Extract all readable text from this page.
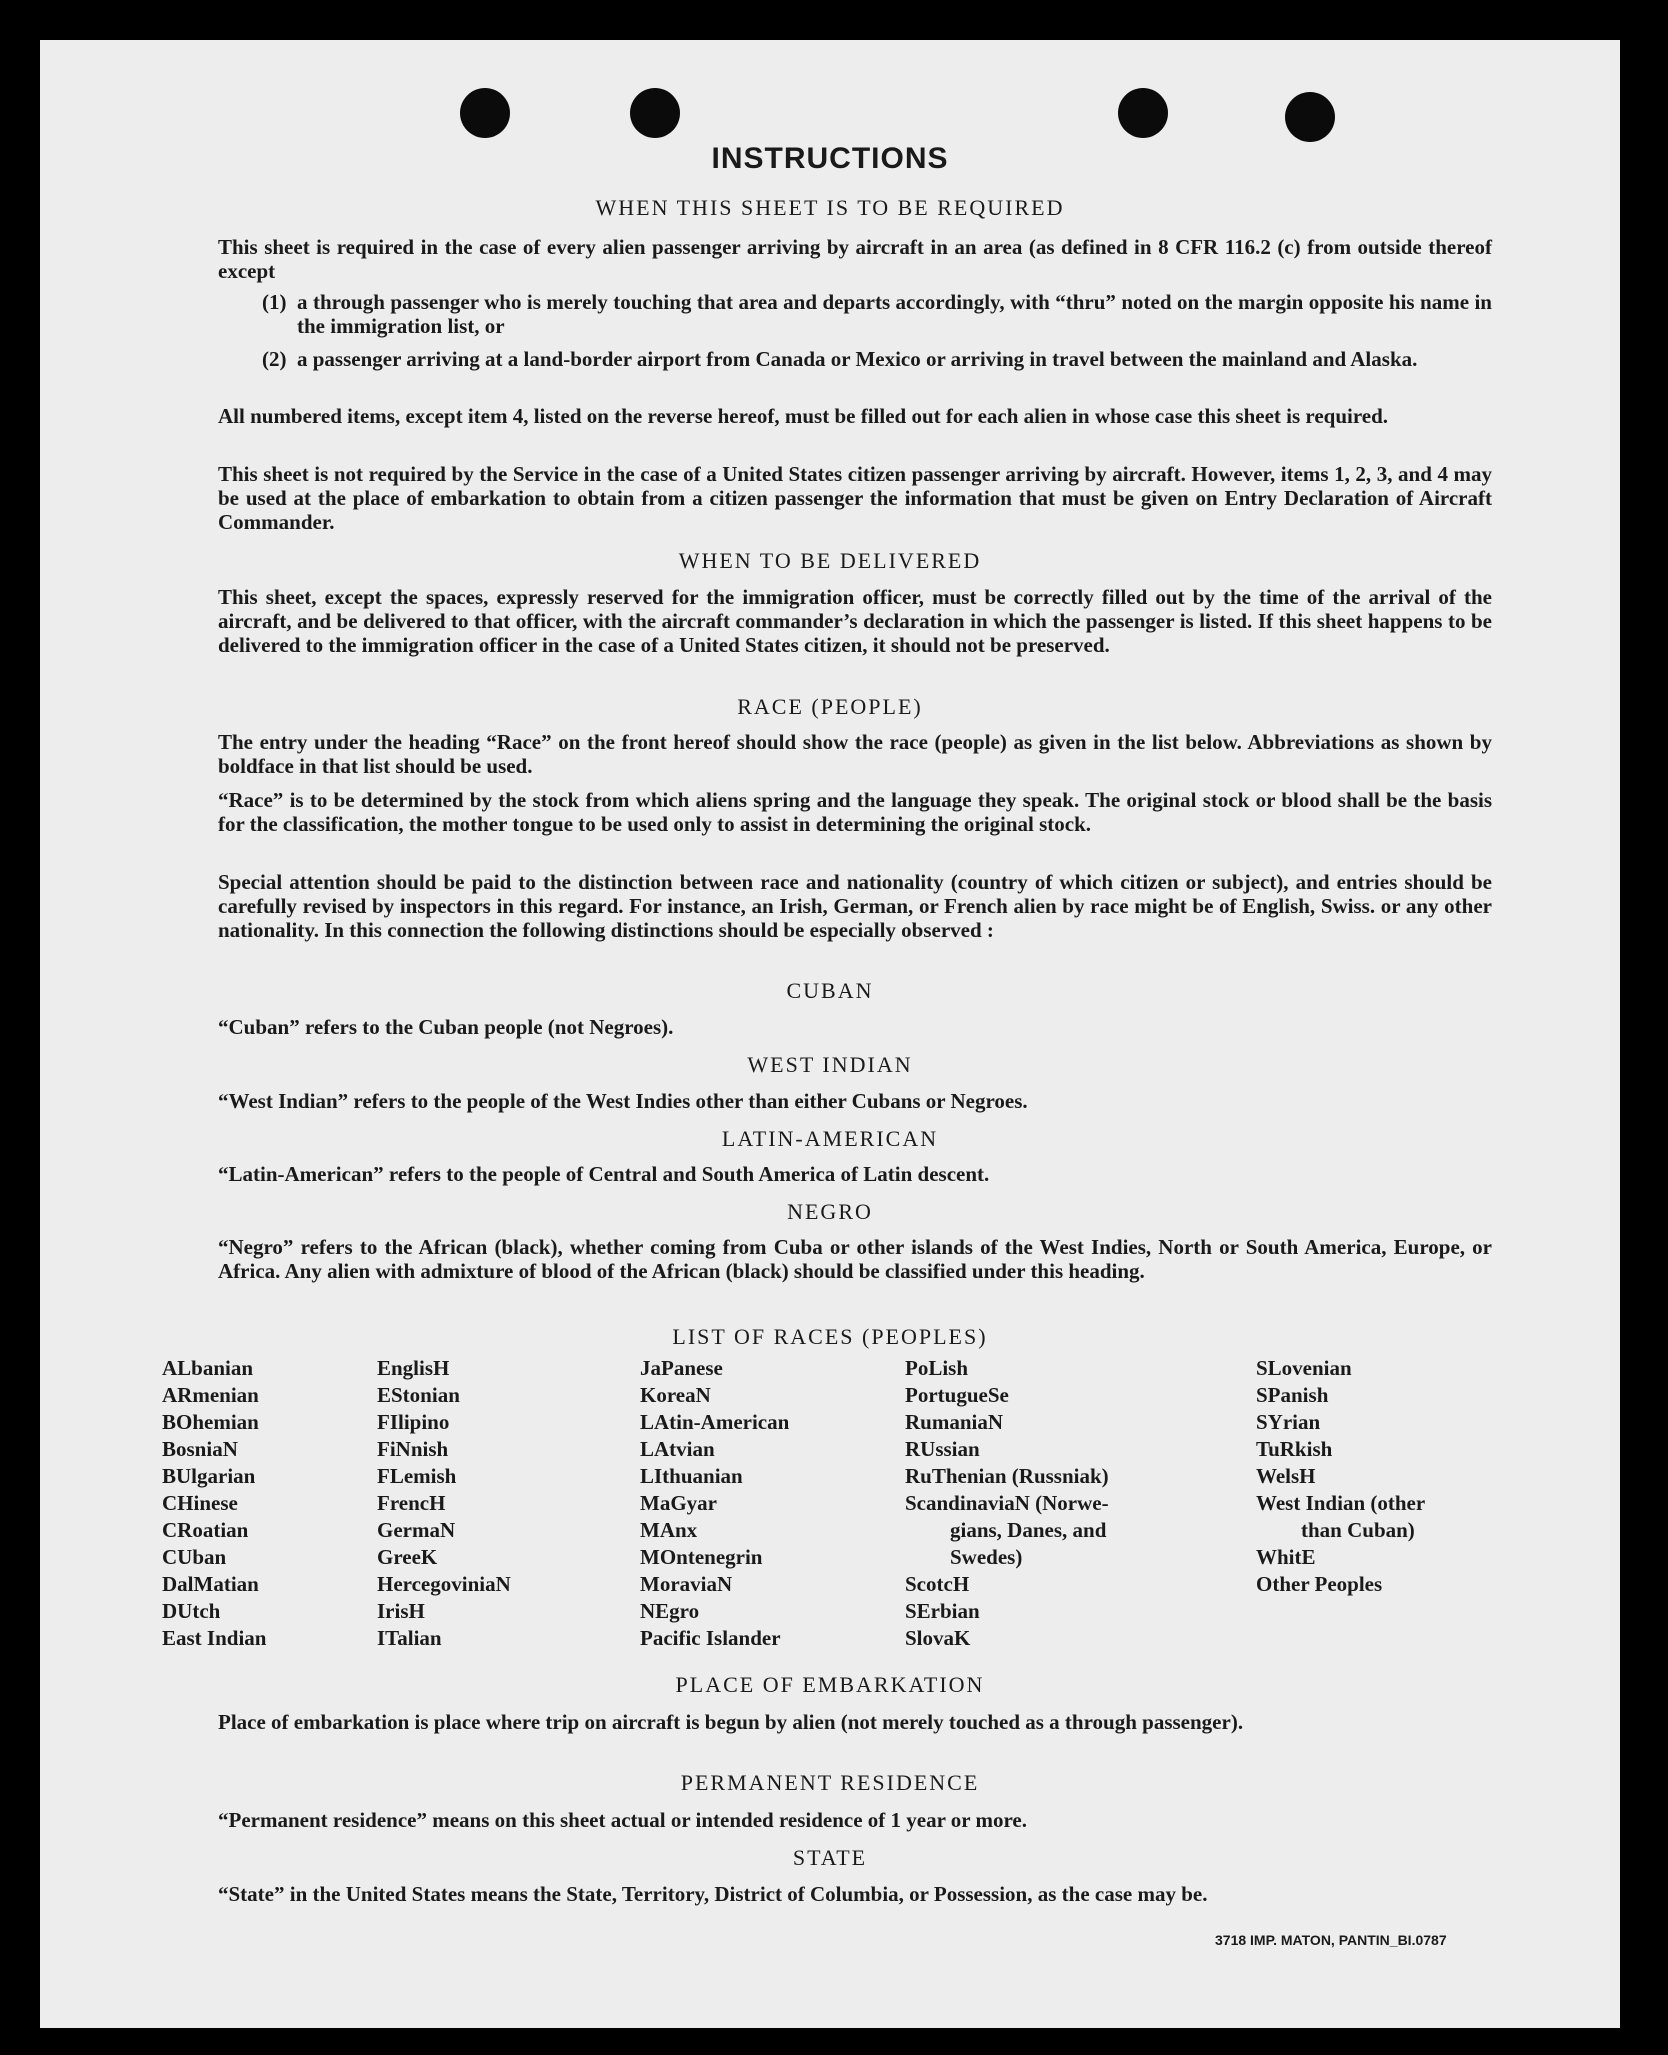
INSTRUCTIONS
WHEN THIS SHEET IS TO BE REQUIRED
This sheet is required in the case of every alien passenger arriving by aircraft in an area (as defined in 8 CFR 116.2 (c) from outside thereof except
(1) a through passenger who is merely touching that area and departs accordingly, with “thru” noted on the margin opposite his name in the immigration list, or
(2) a passenger arriving at a land-border airport from Canada or Mexico or arriving in travel between the mainland and Alaska.
All numbered items, except item 4, listed on the reverse hereof, must be filled out for each alien in whose case this sheet is required.
This sheet is not required by the Service in the case of a United States citizen passenger arriving by aircraft. However, items 1, 2, 3, and 4 may be used at the place of embarkation to obtain from a citizen passenger the information that must be given on Entry Declaration of Aircraft Commander.
WHEN TO BE DELIVERED
This sheet, except the spaces, expressly reserved for the immigration officer, must be correctly filled out by the time of the arrival of the aircraft, and be delivered to that officer, with the aircraft commander’s declaration in which the passenger is listed. If this sheet happens to be delivered to the immigration officer in the case of a United States citizen, it should not be preserved.
RACE (PEOPLE)
The entry under the heading “Race” on the front hereof should show the race (people) as given in the list below. Abbreviations as shown by boldface in that list should be used.
“Race” is to be determined by the stock from which aliens spring and the language they speak. The original stock or blood shall be the basis for the classification, the mother tongue to be used only to assist in determining the original stock.
Special attention should be paid to the distinction between race and nationality (country of which citizen or subject), and entries should be carefully revised by inspectors in this regard. For instance, an Irish, German, or French alien by race might be of English, Swiss. or any other nationality. In this connection the following distinctions should be especially observed :
CUBAN
“Cuban” refers to the Cuban people (not Negroes).
WEST INDIAN
“West Indian” refers to the people of the West Indies other than either Cubans or Negroes.
LATIN-AMERICAN
“Latin-American” refers to the people of Central and South America of Latin descent.
NEGRO
“Negro” refers to the African (black), whether coming from Cuba or other islands of the West Indies, North or South America, Europe, or Africa. Any alien with admixture of blood of the African (black) should be classified under this heading.
LIST OF RACES (PEOPLES)
ALbanian
ARmenian
BOhemian
BosniaN
BUlgarian
CHinese
CRoatian
CUban
DalMatian
DUtch
East Indian
EnglisH
EStonian
FIlipino
FiNnish
FLemish
FrencH
GermaN
GreeK
HercegoviniaN
IrisH
ITalian
JaPanese
KoreaN
LAtin-American
LAtvian
LIthuanian
MaGyar
MAnx
MOntenegrin
MoraviaN
NEgro
Pacific Islander
PoLish
PortugueSe
RumaniaN
RUssian
RuThenian (Russniak)
ScandinaviaN (Norwe-
gians, Danes, and
Swedes)
ScotcH
SErbian
SlovaK
SLovenian
SPanish
SYrian
TuRkish
WelsH
West Indian (other
than Cuban)
WhitE
Other Peoples
PLACE OF EMBARKATION
Place of embarkation is place where trip on aircraft is begun by alien (not merely touched as a through passenger).
PERMANENT RESIDENCE
“Permanent residence” means on this sheet actual or intended residence of 1 year or more.
STATE
“State” in the United States means the State, Territory, District of Columbia, or Possession, as the case may be.
3718 IMP. MATON, PANTIN_BI.0787
